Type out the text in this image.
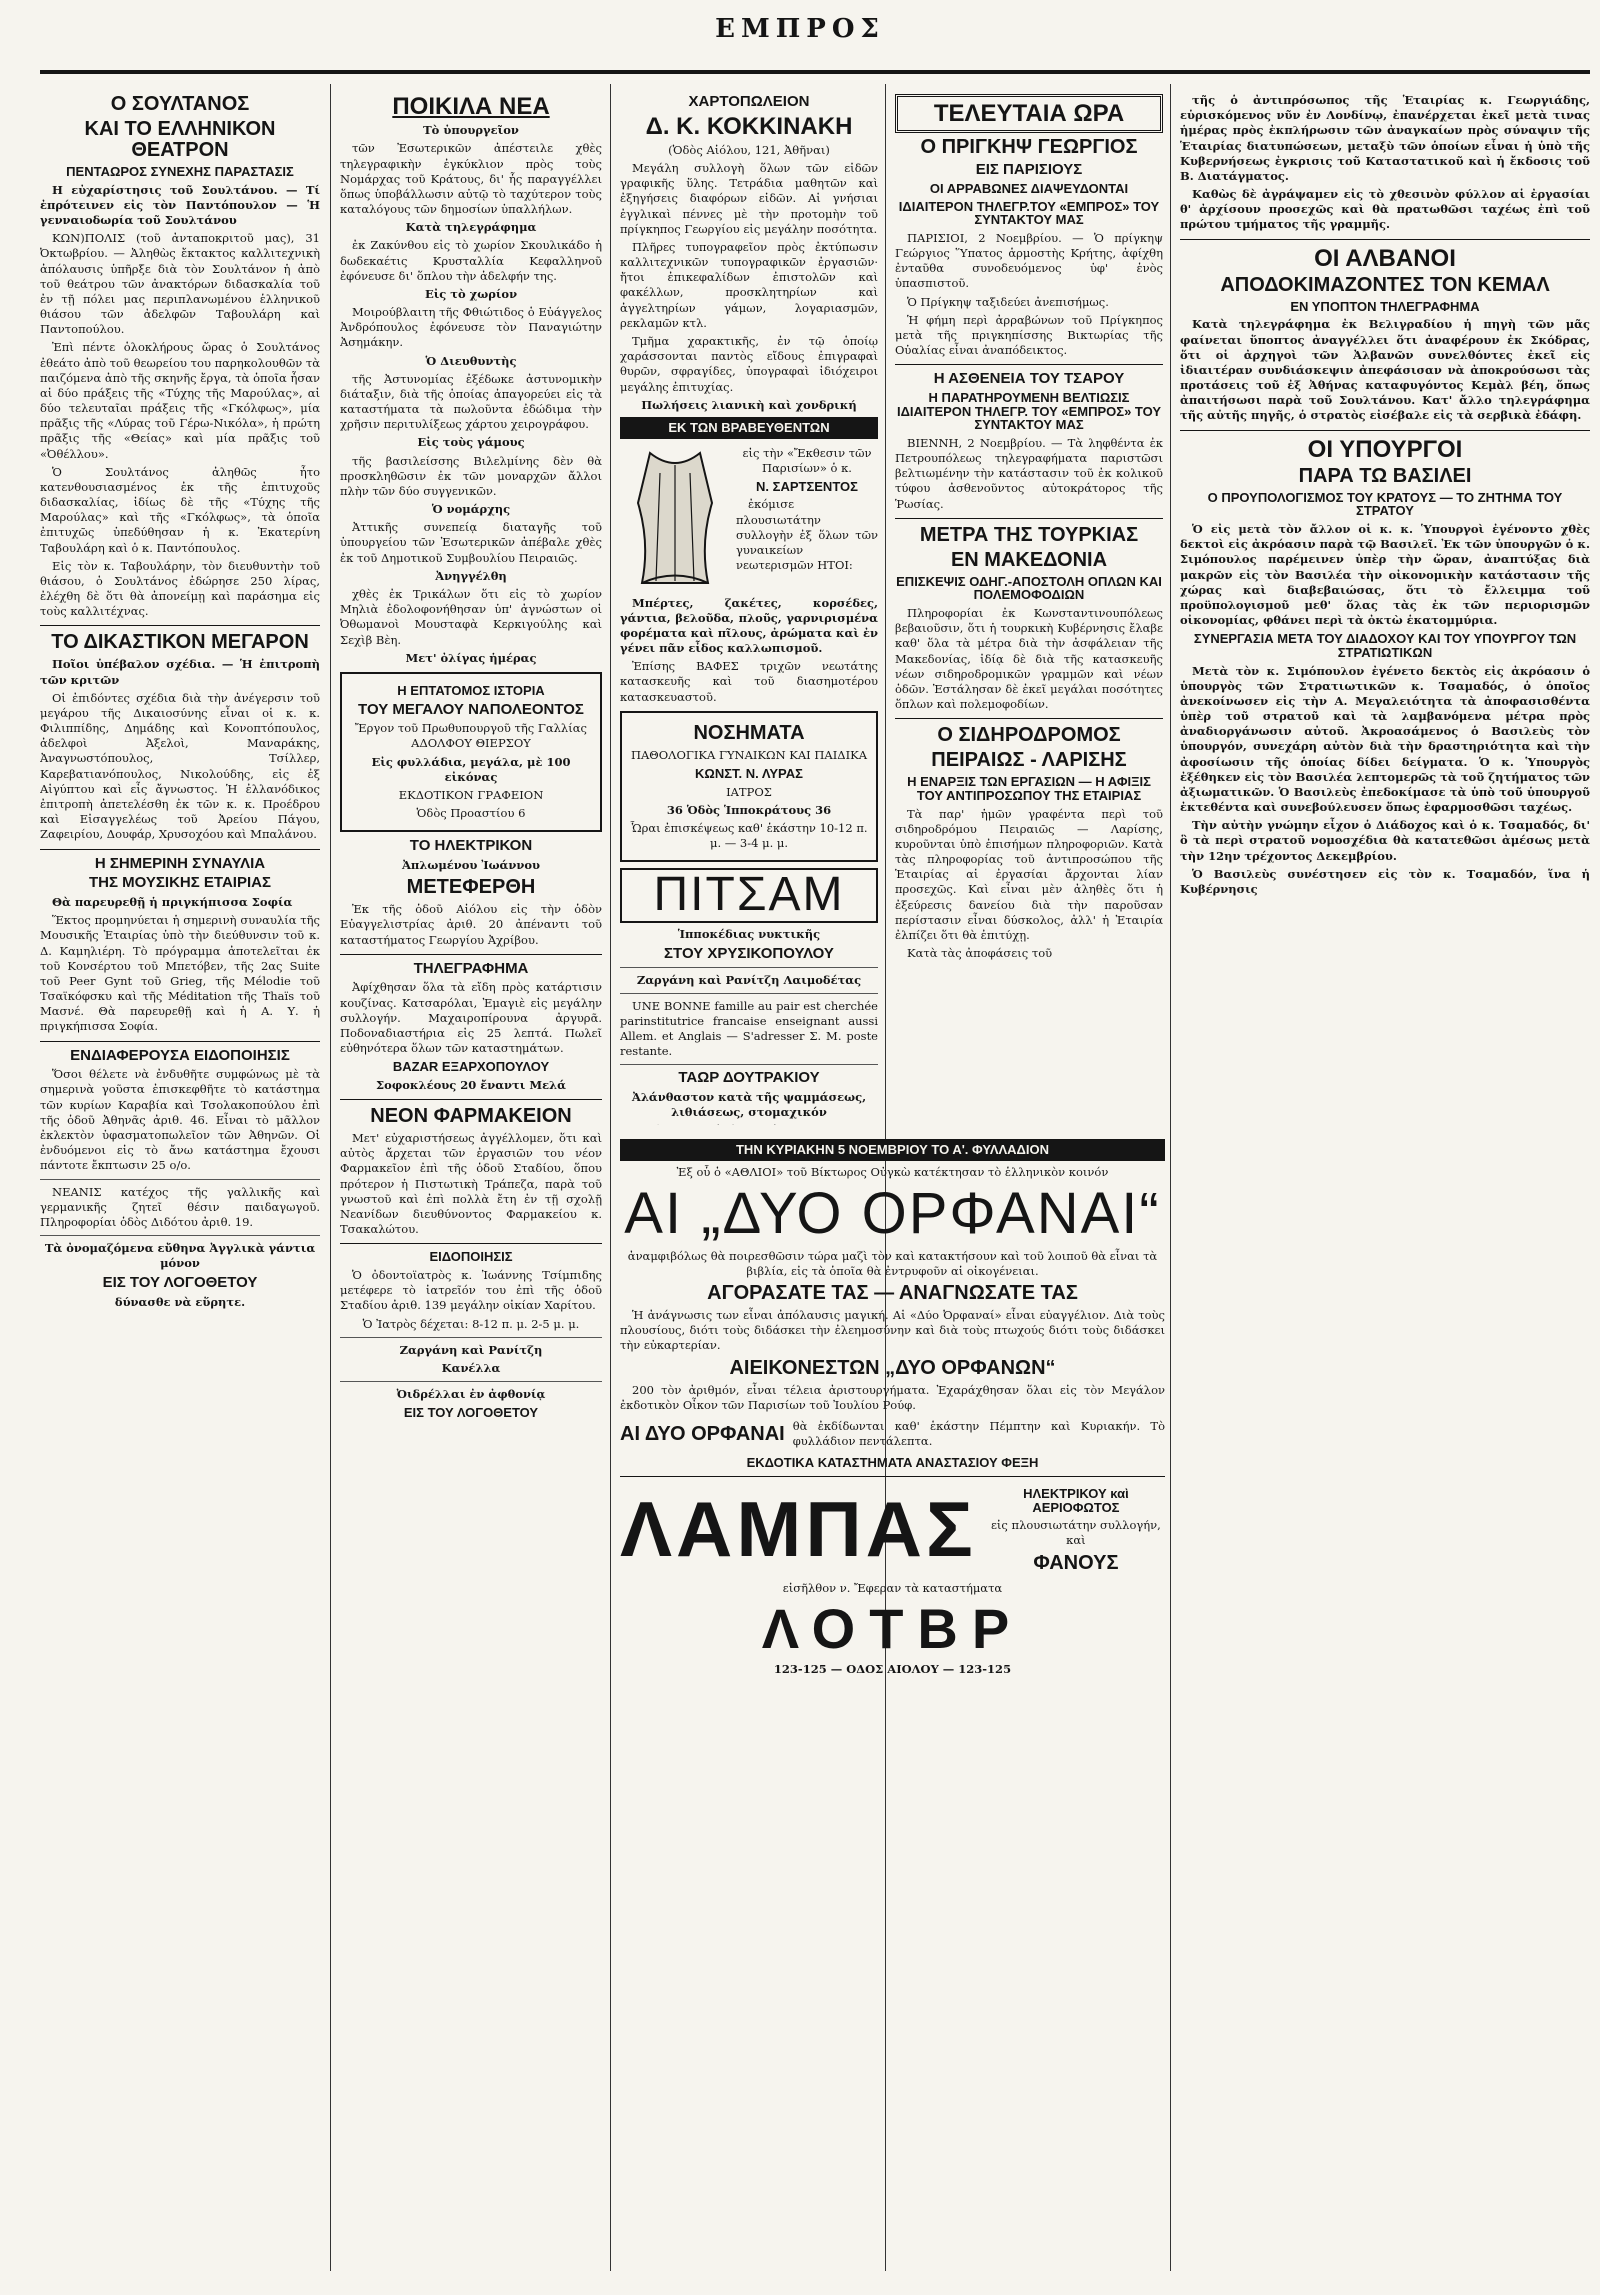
ΕΜΠΡΟΣ
Ο ΣΟΥΛΤΑΝΟΣ
ΚΑΙ ΤΟ ΕΛΛΗΝΙΚΟΝ ΘΕΑΤΡΟΝ
ΠΕΝΤΑΩΡΟΣ ΣΥΝΕΧΗΣ ΠΑΡΑΣΤΑΣΙΣ

Η εὐχαρίστησις τοῦ Σουλτάνου. — Τί ἐπρότεινεν εἰς τὸν Παντόπουλον — Ἡ γενναιοδωρία τοῦ Σουλτάνου

ΚΩΝ)ΠΟΛΙΣ (τοῦ ἀνταποκριτοῦ μας), 31 Ὀκτωβρίου. — Ἀληθὼς ἔκτακτος καλλιτεχνικὴ ἀπόλαυσις ὑπῆρξε διὰ τὸν Σουλτάνον ἡ ἀπὸ τοῦ θεάτρου τῶν ἀνακτόρων διδασκαλία τοῦ ἐν τῇ πόλει μας περιπλανωμένου ἑλληνικοῦ θιάσου τῶν ἀδελφῶν Ταβουλάρη καὶ Παντοπούλου.

Ἐπὶ πέντε ὁλοκλήρους ὥρας ὁ Σουλτάνος ἐθεάτο ἀπὸ τοῦ θεωρείου του παρηκολουθῶν τὰ παιζόμενα ἀπὸ τῆς σκηνῆς ἔργα, τὰ ὁποῖα ἦσαν αἱ δύο πράξεις τῆς «Τύχης τῆς Μαρούλας», αἱ δύο τελευταῖαι πράξεις τῆς «Γκόλφως», μία πρᾶξις τῆς «Λύρας τοῦ Γέρω-Νικόλα», ἡ πρώτη πρᾶξις τῆς «Θείας» καὶ μία πρᾶξις τοῦ «Ὀθέλλου».

Ὁ Σουλτάνος ἀληθῶς ἦτο κατενθουσιασμένος ἐκ τῆς ἐπιτυχοῦς διδασκαλίας, ἰδίως δὲ τῆς «Τύχης τῆς Μαρούλας» καὶ τῆς «Γκόλφως», τὰ ὁποῖα ἐπιτυχῶς ὑπεδύθησαν ἡ κ. Ἐκατερίνη Ταβουλάρη καὶ ὁ κ. Παντόπουλος.

Εἰς τὸν κ. Ταβουλάρην, τὸν διευθυντὴν τοῦ θιάσου, ὁ Σουλτάνος ἐδώρησε 250 λίρας, ἐλέχθη δὲ ὅτι θὰ ἀπονείμῃ καὶ παράσημα εἰς τοὺς καλλιτέχνας.

ΤΟ ΔΙΚΑΣΤΙΚΟΝ ΜΕΓΑΡΟΝ

Ποῖοι ὑπέβαλον σχέδια. — Ἡ ἐπιτροπὴ τῶν κριτῶν

Οἱ ἐπιδόντες σχέδια διὰ τὴν ἀνέγερσιν τοῦ μεγάρου τῆς Δικαιοσύνης εἶναι οἱ κ. κ. Φιλιππίδης, Δημάδης καὶ Κονοπτόπουλος, ἀδελφοὶ Ἀξελοὶ, Μαναράκης, Ἀναγνωστόπουλος, Τσίλλερ, Καρεβατιανόπουλος, Νικολούδης, εἰς ἐξ Αἰγύπτου καὶ εἷς ἄγνωστος. Ἡ ἐλλανόδικος ἐπιτροπὴ ἀπετελέσθη ἐκ τῶν κ. κ. Προέδρου καὶ Εἰσαγγελέως τοῦ Ἀρείου Πάγου, Ζαφειρίου, Δουφάρ, Χρυσοχόου καὶ Μπαλάνου.

Η ΣΗΜΕΡΙΝΗ ΣΥΝΑΥΛΙΑ
ΤΗΣ ΜΟΥΣΙΚΗΣ ΕΤΑΙΡΙΑΣ

Θὰ παρευρεθῇ ἡ πριγκήπισσα Σοφία

Ἕκτος προμηνύεται ἡ σημερινὴ συναυλία τῆς Μουσικῆς Ἑταιρίας ὑπὸ τὴν διεύθυνσιν τοῦ κ. Δ. Καμηλιέρη. Τὸ πρόγραμμα ἀποτελεῖται ἐκ τοῦ Κονσέρτου τοῦ Μπετόβεν, τῆς 2ας Suite τοῦ Peer Gynt τοῦ Grieg, τῆς Mélodie τοῦ Τσαϊκόφσκυ καὶ τῆς Méditation τῆς Thaïs τοῦ Μασνέ. Θὰ παρευρεθῇ καὶ ἡ Α. Υ. ἡ πριγκήπισσα Σοφία.

ΕΝΔΙΑΦΕΡΟΥΣΑ ΕΙΔΟΠΟΙΗΣΙΣ

Ὅσοι θέλετε νὰ ἐνδυθῆτε συμφώνως μὲ τὰ σημερινὰ γοῦστα ἐπισκεφθῆτε τὸ κατάστημα τῶν κυρίων Καραβία καὶ Τσολακοπούλου ἐπὶ τῆς ὁδοῦ Ἀθηνᾶς ἀριθ. 46. Εἶναι τὸ μᾶλλον ἐκλεκτὸν ὑφασματοπωλεῖον τῶν Ἀθηνῶν. Οἱ ἐνδυόμενοι εἰς τὸ ἄνω κατάστημα ἔχουσι πάντοτε ἔκπτωσιν 25 ο/ο.

ΝΕΑΝΙΣ κατέχος τῆς γαλλικῆς καὶ γερμανικῆς ζητεῖ θέσιν παιδαγωγοῦ. Πληροφορίαι ὁδὸς Διδότου ἀριθ. 19.

Τὰ ὀνομαζόμενα εὔθηνα Ἀγγλικὰ γάντια μόνον

ΕΙΣ ΤΟΥ ΛΟΓΟΘΕΤΟΥ

δύνασθε νὰ εὕρητε.

ΠΟΙΚΙΛΑ ΝΕΑ

Τὸ ὑπουργεῖον

τῶν Ἐσωτερικῶν ἀπέστειλε χθὲς τηλεγραφικὴν ἐγκύκλιον πρὸς τοὺς Νομάρχας τοῦ Κράτους, δι' ἧς παραγγέλλει ὅπως ὑποβάλλωσιν αὐτῷ τὸ ταχύτερον τοὺς καταλόγους τῶν δημοσίων ὑπαλλήλων.

Κατὰ τηλεγράφημα

ἐκ Ζακύνθου εἰς τὸ χωρίον Σκουλικάδο ἡ δωδεκαέτις Κρυσταλλία Κεφαλληνοῦ ἐφόνευσε δι' ὅπλου τὴν ἀδελφήν της.

Εἰς τὸ χωρίον

Μοιρούβλαιτη τῆς Φθιώτιδος ὁ Εὐάγγελος Ἀνδρόπουλος ἐφόνευσε τὸν Παναγιώτην Ἀσημάκην.

Ὁ Διευθυντὴς

τῆς Ἀστυνομίας ἐξέδωκε ἀστυνομικὴν διάταξιν, διὰ τῆς ὁποίας ἀπαγορεύει εἰς τὰ καταστήματα τὰ πωλοῦντα ἐδώδιμα τὴν χρῆσιν περιτυλίξεως χάρτου χειρογράφου.

Εἰς τοὺς γάμους

τῆς βασιλείσσης Βιλελμίνης δὲν θὰ προσκληθῶσιν ἐκ τῶν μοναρχῶν ἄλλοι πλὴν τῶν δύο συγγενικῶν.

Ὁ νομάρχης

Ἀττικῆς συνεπείᾳ διαταγῆς τοῦ ὑπουργείου τῶν Ἐσωτερικῶν ἀπέβαλε χθὲς ἐκ τοῦ Δημοτικοῦ Συμβουλίου Πειραιῶς.

Ἀνηγγέλθη

χθὲς ἐκ Τρικάλων ὅτι εἰς τὸ χωρίον Μηλιὰ ἐδολοφονήθησαν ὑπ' ἀγνώστων οἱ Ὀθωμανοὶ Μουσταφὰ Κερκιγούλης καὶ Σεχὶβ Βὲη.

Μετ' ὀλίγας ἡμέρας

Η ΕΠΤΑΤΟΜΟΣ ΙΣΤΟΡΙΑ
ΤΟΥ ΜΕΓΑΛΟΥ ΝΑΠΟΛΕΟΝΤΟΣ

Ἔργον τοῦ Πρωθυπουργοῦ τῆς Γαλλίας ΑΔΟΛΦΟΥ ΘΙΕΡΣΟΥ

Εἰς φυλλάδια, μεγάλα, μὲ 100 εἰκόνας

ΕΚΔΟΤΙΚΟΝ ΓΡΑΦΕΙΟΝ

Ὁδὸς Προαστίου 6

ΤΟ ΗΛΕΚΤΡΙΚΟΝ

Ἀπλωμένου Ἰωάννου

ΜΕΤΕΦΕΡΘΗ

Ἐκ τῆς ὁδοῦ Αἰόλου εἰς τὴν ὁδὸν Εὐαγγελιστρίας ἀριθ. 20 ἀπέναντι τοῦ καταστήματος Γεωργίου Ἀχρίβου.

ΤΗΛΕΓΡΑΦΗΜΑ

Ἀφίχθησαν ὅλα τὰ εἴδη πρὸς κατάρτισιν κουζίνας. Κατσαρόλαι, Ἐμαγιὲ εἰς μεγάλην συλλογήν. Μαχαιροπίρουνα ἀργυρᾶ. Ποδοναδιαστήρια εἰς 25 λεπτά. Πωλεῖ εὐθηνότερα ὅλων τῶν καταστημάτων.

BAZAR ΕΞΑΡΧΟΠΟΥΛΟΥ

Σοφοκλέους 20 ἔναντι Μελά

ΝΕΟΝ ΦΑΡΜΑΚΕΙΟΝ

Μετ' εὐχαριστήσεως ἀγγέλλομεν, ὅτι καὶ αὐτὸς ἄρχεται τῶν ἐργασιῶν του νέον Φαρμακεῖον ἐπὶ τῆς ὁδοῦ Σταδίου, ὅπου πρότερον ἡ Πιστωτικὴ Τράπεζα, παρὰ τοῦ γνωστοῦ καὶ ἐπὶ πολλὰ ἔτη ἐν τῇ σχολῇ Νεανίδων διευθύνοντος Φαρμακείου κ. Τσακαλώτου.

ΕΙΔΟΠΟΙΗΣΙΣ

Ὁ ὀδοντοϊατρὸς κ. Ἰωάννης Τσίμπιδης μετέφερε τὸ ἰατρεῖόν του ἐπὶ τῆς ὁδοῦ Σταδίου ἀριθ. 139 μεγάλην οἰκίαν Χαρίτου.

Ὁ Ἰατρὸς δέχεται: 8-12 π. μ. 2-5 μ. μ.

Ζαργάνη καὶ Ρανίτζη

Κανέλλα

Ὀιδρέλλαι ἐν ἀφθονίᾳ

ΕΙΣ ΤΟΥ ΛΟΓΟΘΕΤΟΥ
ΧΑΡΤΟΠΩΛΕΙΟΝ
Δ. Κ. ΚΟΚΚΙΝΑΚΗ

(Ὁδὸς Αἰόλου, 121, Ἀθῆναι)

Μεγάλη συλλογὴ ὅλων τῶν εἰδῶν γραφικῆς ὕλης. Τετράδια μαθητῶν καὶ ἐξηγήσεις διαφόρων εἰδῶν. Αἱ γνήσιαι ἐγγλικαὶ πέννες μὲ τὴν προτομὴν τοῦ πρίγκηπος Γεωργίου εἰς μεγάλην ποσότητα.

Πλῆρες τυπογραφεῖον πρὸς ἐκτύπωσιν καλλιτεχνικῶν τυπογραφικῶν ἐργασιῶν· ἤτοι ἐπικεφαλίδων ἐπιστολῶν καὶ φακέλλων, προσκλητηρίων καὶ ἀγγελτηρίων γάμων, λογαριασμῶν, ρεκλαμῶν κτλ.

Τμῆμα χαρακτικῆς, ἐν τῷ ὁποίῳ χαράσσονται παντὸς εἴδους ἐπιγραφαὶ θυρῶν, σφραγίδες, ὑπογραφαὶ ἰδιόχειροι μεγάλης ἐπιτυχίας.

Πωλήσεις λιανικὴ καὶ χονδρική

ΕΚ ΤΩΝ ΒΡΑΒΕΥΘΕΝΤΩΝ

εἰς τὴν «Ἔκθεσιν τῶν Παρισίων» ὁ κ.

Ν. ΣΑΡΤΣΕΝΤΟΣ

ἐκόμισε πλουσιωτάτην συλλογὴν ἐξ ὅλων τῶν γυναικείων νεωτερισμῶν ΗΤΟΙ:

Μπέρτες, ζακέτες, κορσέδες, γάντια, βελοῦδα, πλοῦς, γαρνιρισμένα φορέματα καὶ πῖλους, ἀρώματα καὶ ἐν γένει πᾶν εἶδος καλλωπισμοῦ.

Ἐπίσης ΒΑΦΕΣ τριχῶν νεωτάτης κατασκευῆς καὶ τοῦ διασημοτέρου κατασκευαστοῦ.

ΝΟΣΗΜΑΤΑ

ΠΑΘΟΛΟΓΙΚΑ ΓΥΝΑΙΚΩΝ ΚΑΙ ΠΑΙΔΙΚΑ

ΚΩΝΣΤ. Ν. ΛΥΡΑΣ

ΙΑΤΡΟΣ

36 Ὁδὸς Ἱπποκράτους 36

Ὧραι ἐπισκέψεως καθ' ἑκάστην 10-12 π. μ. — 3-4 μ. μ.

ΠΙΤΣΑΜ

Ἱπποκέδιας νυκτικῆς

ΣΤΟΥ ΧΡΥΣΙΚΟΠΟΥΛΟΥ

Ζαργάνη καὶ Ρανίτζη Λαιμοδέτας

UNE BONNE famille au pair est cherchée parinstitutrice francaise enseignant aussi Allem. et Anglais — S'adresser Σ. Μ. poste restante.

ΤΑΩΡ ΔΟΥΤΡΑΚΙΟΥ

Ἀλάνθαστον κατὰ τῆς ψαμμάσεως, λιθιάσεως, στομαχικόν

ΤΕΛΕΥΤΑΙΑ ΩΡΑ
Ο ΠΡΙΓΚΗΨ ΓΕΩΡΓΙΟΣ
ΕΙΣ ΠΑΡΙΣΙΟΥΣ
ΟΙ ΑΡΡΑΒΩΝΕΣ ΔΙΑΨΕΥΔΟΝΤΑΙ
ΙΔΙΑΙΤΕΡΟΝ ΤΗΛΕΓΡ.ΤΟΥ «ΕΜΠΡΟΣ» ΤΟΥ ΣΥΝΤΑΚΤΟΥ ΜΑΣ

ΠΑΡΙΣΙΟΙ, 2 Νοεμβρίου. — Ὁ πρίγκηψ Γεώργιος Ὕπατος ἁρμοστὴς Κρήτης, ἀφίχθη ἐνταῦθα συνοδευόμενος ὑφ' ἑνὸς ὑπασπιστοῦ.

Ὁ Πρίγκηψ ταξιδεύει ἀνεπισήμως.

Ἡ φήμη περὶ ἀρραβώνων τοῦ Πρίγκηπος μετὰ τῆς πριγκηπίσσης Βικτωρίας τῆς Οὐαλίας εἶναι ἀναπόδεικτος.

Η ΑΣΘΕΝΕΙΑ ΤΟΥ ΤΣΑΡΟΥ
Η ΠΑΡΑΤΗΡΟΥΜΕΝΗ ΒΕΛΤΙΩΣΙΣ ΙΔΙΑΙΤΕΡΟΝ ΤΗΛΕΓΡ. ΤΟΥ «ΕΜΠΡΟΣ» ΤΟΥ ΣΥΝΤΑΚΤΟΥ ΜΑΣ

ΒΙΕΝΝΗ, 2 Νοεμβρίου. — Τὰ ληφθέντα ἐκ Πετρουπόλεως τηλεγραφήματα παριστῶσι βελτιωμένην τὴν κατάστασιν τοῦ ἐκ κολικοῦ τύφου ἀσθενοῦντος αὐτοκράτορος τῆς Ῥωσίας.

ΜΕΤΡΑ ΤΗΣ ΤΟΥΡΚΙΑΣ
ΕΝ ΜΑΚΕΔΟΝΙΑ
ΕΠΙΣΚΕΨΙΣ ΟΔΗΓ.-ΑΠΟΣΤΟΛΗ ΟΠΛΩΝ ΚΑΙ ΠΟΛΕΜΟΦΟΔΙΩΝ

Πληροφορίαι ἐκ Κωνσταντινουπόλεως βεβαιοῦσιν, ὅτι ἡ τουρκικὴ Κυβέρνησις ἔλαβε καθ' ὅλα τὰ μέτρα διὰ τὴν ἀσφάλειαν τῆς Μακεδονίας, ἰδίᾳ δὲ διὰ τῆς κατασκευῆς νέων σιδηροδρομικῶν γραμμῶν καὶ νέων ὁδῶν. Ἐστάλησαν δὲ ἐκεῖ μεγάλαι ποσότητες ὅπλων καὶ πολεμοφοδίων.

Ο ΣΙΔΗΡΟΔΡΟΜΟΣ
ΠΕΙΡΑΙΩΣ - ΛΑΡΙΣΗΣ
Η ΕΝΑΡΞΙΣ ΤΩΝ ΕΡΓΑΣΙΩΝ — Η ΑΦΙΞΙΣ ΤΟΥ ΑΝΤΙΠΡΟΣΩΠΟΥ ΤΗΣ ΕΤΑΙΡΙΑΣ

Τὰ παρ' ἡμῶν γραφέντα περὶ τοῦ σιδηροδρόμου Πειραιῶς — Λαρίσης, κυροῦνται ὑπὸ ἐπισήμων πληροφοριῶν. Κατὰ τὰς πληροφορίας τοῦ ἀντιπροσώπου τῆς Ἑταιρίας αἱ ἐργασίαι ἄρχονται λίαν προσεχῶς. Καὶ εἶναι μὲν ἀληθὲς ὅτι ἡ ἐξεύρεσις δανείου διὰ τὴν παροῦσαν περίστασιν εἶναι δύσκολος, ἀλλ' ἡ Ἑταιρία ἐλπίζει ὅτι θὰ ἐπιτύχῃ.

Κατὰ τὰς ἀποφάσεις τοῦ

τῆς ὁ ἀντιπρόσωπος τῆς Ἑταιρίας κ. Γεωργιάδης, εὑρισκόμενος νῦν ἐν Λονδίνῳ, ἐπανέρχεται ἐκεῖ μετὰ τινας ἡμέρας πρὸς ἐκπλήρωσιν τῶν ἀναγκαίων πρὸς σύναψιν τῆς Ἑταιρίας διατυπώσεων, μεταξὺ τῶν ὁποίων εἶναι ἡ ὑπὸ τῆς Κυβερνήσεως ἐγκρισις τοῦ Καταστατικοῦ καὶ ἡ ἔκδοσις τοῦ Β. Διατάγματος.

Καθὼς δὲ ἀγράψαμεν εἰς τὸ χθεσινὸν φύλλον αἱ ἐργασίαι θ' ἀρχίσουν προσεχῶς καὶ θὰ πρατωθῶσι ταχέως ἐπὶ τοῦ πρώτου τμήματος τῆς γραμμῆς.

ΟΙ ΑΛΒΑΝΟΙ
ΑΠΟΔΟΚΙΜΑΖΟΝΤΕΣ ΤΟΝ ΚΕΜΑΛ
ΕΝ ΥΠΟΠΤΟΝ ΤΗΛΕΓΡΑΦΗΜΑ

Κατὰ τηλεγράφημα ἐκ Βελιγραδίου ἡ πηγὴ τῶν μᾶς φαίνεται ὕποπτος ἀναγγέλλει ὅτι ἀναφέρουν ἐκ Σκόδρας, ὅτι οἱ ἀρχηγοὶ τῶν Ἀλβανῶν συνελθόντες ἐκεῖ εἰς ἰδιαιτέραν συνδιάσκεψιν ἀπεφάσισαν νὰ ἀποκρούσωσι τὰς προτάσεις τοῦ ἐξ Ἀθήνας καταφυγόντος Κεμὰλ βέη, ὅπως ἀπαιτήσωσι παρὰ τοῦ Σουλτάνου. Κατ' ἄλλο τηλεγράφημα τῆς αὐτῆς πηγῆς, ὁ στρατὸς εἰσέβαλε εἰς τὰ σερβικὰ ἐδάφη.

ΟΙ ΥΠΟΥΡΓΟΙ
ΠΑΡΑ ΤΩ ΒΑΣΙΛΕΙ
Ο ΠΡΟΥΠΟΛΟΓΙΣΜΟΣ ΤΟΥ ΚΡΑΤΟΥΣ — ΤΟ ΖΗΤΗΜΑ ΤΟΥ ΣΤΡΑΤΟΥ

Ὁ εἰς μετὰ τὸν ἄλλον οἱ κ. κ. Ὑπουργοὶ ἐγένοντο χθὲς δεκτοὶ εἰς ἀκρόασιν παρὰ τῷ Βασιλεῖ. Ἐκ τῶν ὑπουργῶν ὁ κ. Σιμόπουλος παρέμεινεν ὑπὲρ τὴν ὥραν, ἀναπτύξας διὰ μακρῶν εἰς τὸν Βασιλέα τὴν οἰκονομικὴν κατάστασιν τῆς χώρας καὶ διαβεβαιώσας, ὅτι τὸ ἔλλειμμα τοῦ προϋπολογισμοῦ μεθ' ὅλας τὰς ἐκ τῶν περιορισμῶν οἰκονομίας, φθάνει περὶ τὰ ὀκτὼ ἑκατομμύρια.

ΣΥΝΕΡΓΑΣΙΑ ΜΕΤΑ ΤΟΥ ΔΙΑΔΟΧΟΥ ΚΑΙ ΤΟΥ ΥΠΟΥΡΓΟΥ ΤΩΝ ΣΤΡΑΤΙΩΤΙΚΩΝ

Μετὰ τὸν κ. Σιμόπουλον ἐγένετο δεκτὸς εἰς ἀκρόασιν ὁ ὑπουργὸς τῶν Στρατιωτικῶν κ. Τσαμαδός, ὁ ὁποῖος ἀνεκοίνωσεν εἰς τὴν Α. Μεγαλειότητα τὰ ἀποφασισθέντα ὑπὲρ τοῦ στρατοῦ καὶ τὰ λαμβανόμενα μέτρα πρὸς ἀναδιοργάνωσιν αὐτοῦ. Ἀκροασάμενος ὁ Βασιλεὺς τὸν ὑπουργόν, συνεχάρη αὐτὸν διὰ τὴν δραστηριότητα καὶ τὴν ἀφοσίωσιν τῆς ὁποίας δίδει δείγματα. Ὁ κ. Ὑπουργὸς ἐξέθηκεν εἰς τὸν Βασιλέα λεπτομερῶς τὰ τοῦ ζητήματος τῶν ἀξιωματικῶν. Ὁ Βασιλεὺς ἐπεδοκίμασε τὰ ὑπὸ τοῦ ὑπουργοῦ ἐκτεθέντα καὶ συνεβούλευσεν ὅπως ἐφαρμοσθῶσι ταχέως.

Τὴν αὐτὴν γνώμην εἶχον ὁ Διάδοχος καὶ ὁ κ. Τσαμαδός, δι' ὃ τὰ περὶ στρατοῦ νομοσχέδια θὰ κατατεθῶσι ἀμέσως μετὰ τὴν 12ην τρέχοντος Δεκεμβρίου.

Ὁ Βασιλεὺς συνέστησεν εἰς τὸν κ. Τσαμαδόν, ἵνα ἡ Κυβέρνησις

ΤΗΝ ΚΥΡΙΑΚΗΝ 5 ΝΟΕΜΒΡΙΟΥ ΤΟ Α'. ΦΥΛΛΑΔΙΟΝ

Ἐξ οὗ ὁ «ΑΘΛΙΟΙ» τοῦ Βίκτωρος Οὐγκὼ κατέκτησαν τὸ ἑλληνικὸν κοινόν

ΑΙ „ΔΥΟ ΟΡΦΑΝΑΙ“

ἀναμφιβόλως θὰ ποιρεσθῶσιν τώρα μαζὶ τὸν καὶ κατακτήσουν καὶ τοῦ λοιποῦ θὰ εἶναι τὰ βιβλία, εἰς τὰ ὁποῖα θὰ ἐντρυφοῦν αἱ οἰκογένειαι.

ΑΓΟΡΑΣΑΤΕ ΤΑΣ — ΑΝΑΓΝΩΣΑΤΕ ΤΑΣ

Ἡ ἀνάγνωσις των εἶναι ἀπόλαυσις μαγική. Αἱ «Δύο Ὀρφαναί» εἶναι εὐαγγέλιον. Διὰ τοὺς πλουσίους, διότι τοὺς διδάσκει τὴν ἐλεημοσύνην καὶ διὰ τοὺς πτωχούς διότι τοὺς διδάσκει τὴν εὐκαρτερίαν.

ΑΙΕΙΚΟΝΕΣΤΩΝ „ΔΥΟ ΟΡΦΑΝΩΝ“

200 τὸν ἀριθμόν, εἶναι τέλεια ἀριστουργήματα. Ἐχαράχθησαν ὅλαι εἰς τὸν Μεγάλον ἐκδοτικὸν Οἶκον τῶν Παρισίων τοῦ Ἰουλίου Ρούφ.

ΑΙ ΔΥΟ ΟΡΦΑΝΑΙ θὰ ἐκδίδωνται καθ' ἑκάστην Πέμπτην καὶ Κυριακήν. Τὸ φυλλάδιον πεντάλεπτα.

ΕΚΔΟΤΙΚΑ ΚΑΤΑΣΤΗΜΑΤΑ ΑΝΑΣΤΑΣΙΟΥ ΦΕΞΗ
ΛΑΜΠΑΣ	ΗΛΕΚΤΡΙΚΟΥ καὶ ΑΕΡΙΟΦΩΤΟΣ

εἰς πλουσιωτάτην συλλογήν, καὶ

ΦΑΝΟΥΣ

εἰσῆλθον ν. Ἔφεραν τὰ καταστήματα

ΛΟΤΒΡ

123-125 — ΟΔΟΣ ΑΙΟΛΟΥ — 123-125
